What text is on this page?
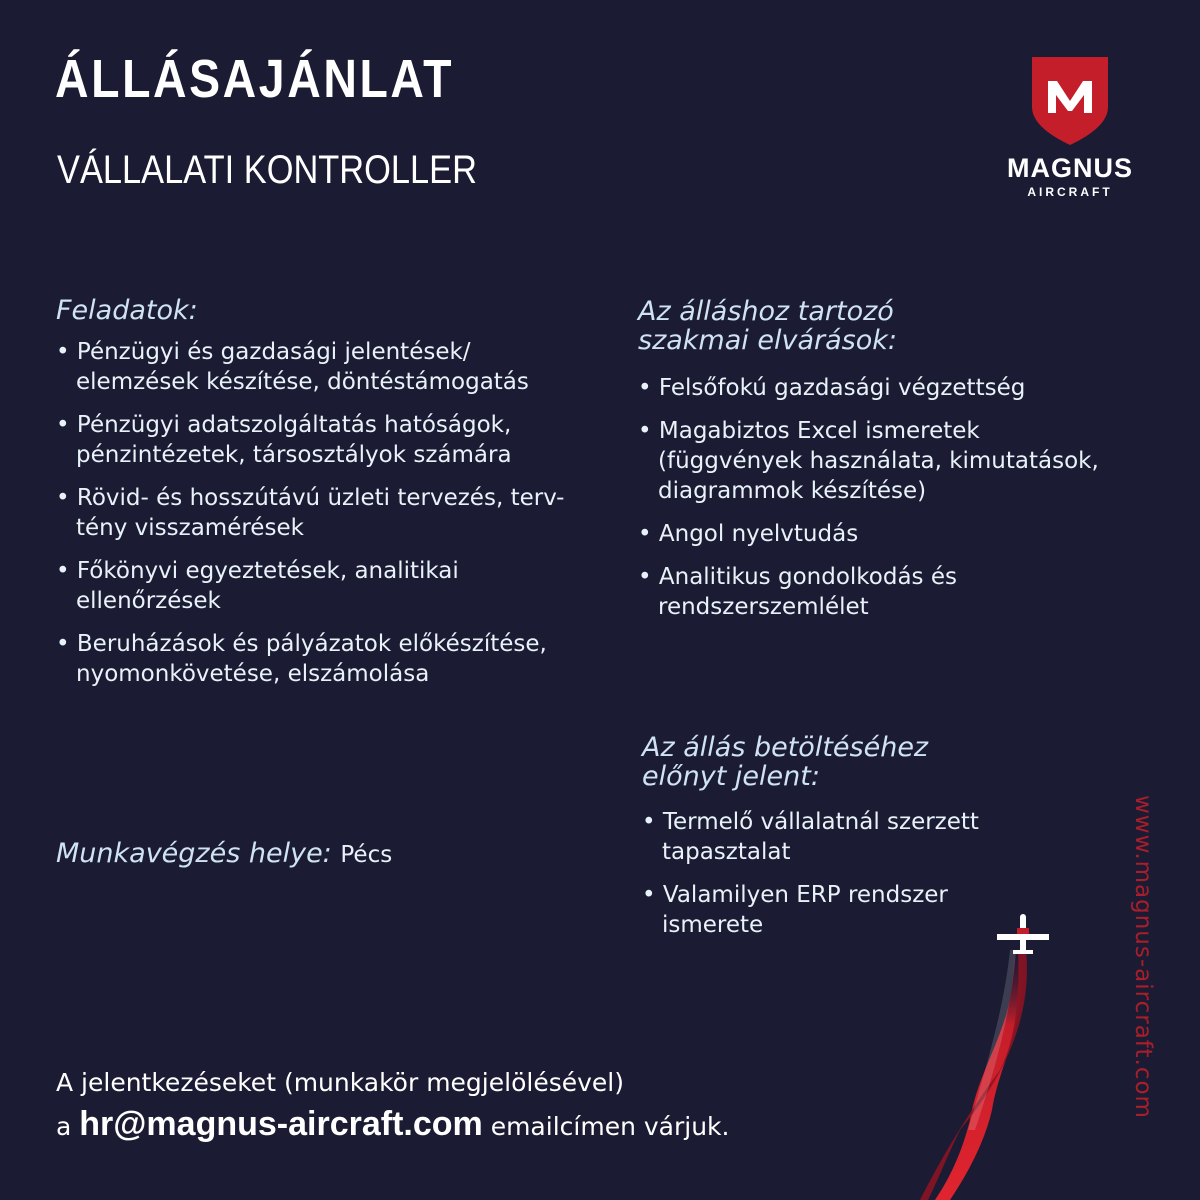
ÁLLÁSAJÁNLAT
VÁLLALATI KONTROLLER	MAGNUS
AIRCRAFT
Feladatok:
• Pénzügyi és gazdasági jelentések/ elemzések készítése, döntéstámogatás
• Pénzügyi adatszolgáltatás hatóságok, pénzintézetek, társosztályok számára
• Rövid- és hosszútávú üzleti tervezés, terv-tény visszamérések
• Főkönyvi egyeztetések, analitikai ellenőrzések
• Beruházások és pályázatok előkészítése, nyomonkövetése, elszámolása
Az álláshoz tartozó
szakmai elvárások:
• Felsőfokú gazdasági végzettség
• Magabiztos Excel ismeretek (függvények használata, kimutatások, diagrammok készítése)
• Angol nyelvtudás
• Analitikus gondolkodás és rendszerszemlélet
Az állás betöltéséhez
előnyt jelent:
• Termelő vállalatnál szerzett tapasztalat
• Valamilyen ERP rendszer ismerete
Munkavégzés helye: Pécs
A jelentkezéseket (munkakör megjelölésével)
a hr@magnus-aircraft.com emailcímen várjuk.
www.magnus-aircraft.com
